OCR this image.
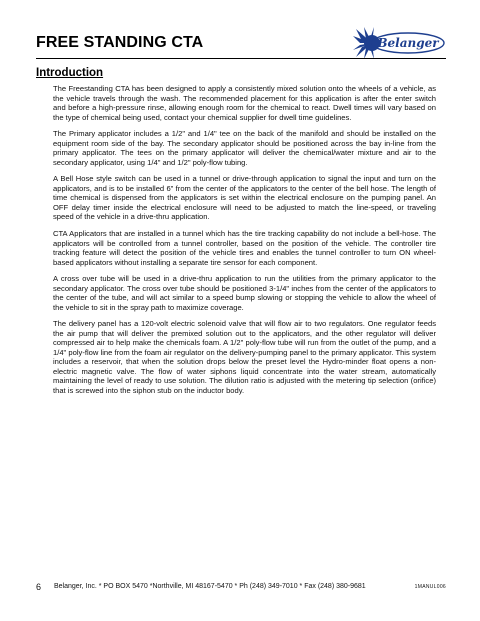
FREE STANDING CTA	Belanger
Introduction

The Freestanding CTA has been designed to apply a consistently mixed solution onto the wheels of a vehicle, as the vehicle travels through the wash. The recommended placement for this application is after the enter switch and before a high-pressure rinse, allowing enough room for the chemical to react. Dwell times will vary based on the type of chemical being used, contact your chemical supplier for dwell time guidelines.

The Primary applicator includes a 1/2" and 1/4" tee on the back of the manifold and should be installed on the equipment room side of the bay. The secondary applicator should be positioned across the bay in-line from the primary applicator. The tees on the primary applicator will deliver the chemical/water mixture and air to the secondary applicator, using 1/4" and 1/2" poly-flow tubing.

A Bell Hose style switch can be used in a tunnel or drive-through application to signal the input and turn on the applicators, and is to be installed 6" from the center of the applicators to the center of the bell hose. The length of time chemical is dispensed from the applicators is set within the electrical enclosure on the pumping panel. An OFF delay timer inside the electrical enclosure will need to be adjusted to match the line-speed, or traveling speed of the vehicle in a drive-thru application.

CTA Applicators that are installed in a tunnel which has the tire tracking capability do not include a bell-hose. The applicators will be controlled from a tunnel controller, based on the position of the vehicle. The controller tire tracking feature will detect the position of the vehicle tires and enables the tunnel controller to turn ON wheel-based applicators without installing a separate tire sensor for each component.

A cross over tube will be used in a drive-thru application to run the utilities from the primary applicator to the secondary applicator. The cross over tube should be positioned 3-1/4" inches from the center of the applicators to the center of the tube, and will act similar to a speed bump slowing or stopping the vehicle to allow the wheel of the vehicle to sit in the spray path to maximize coverage.

The delivery panel has a 120-volt electric solenoid valve that will flow air to two regulators. One regulator feeds the air pump that will deliver the premixed solution out to the applicators, and the other regulator will deliver compressed air to help make the chemicals foam. A 1/2" poly-flow tube will run from the outlet of the pump, and a 1/4" poly-flow line from the foam air regulator on the delivery-pumping panel to the primary applicator. This system includes a reservoir, that when the solution drops below the preset level the Hydro-minder float opens a non-electric magnetic valve. The flow of water siphons liquid concentrate into the water stream, automatically maintaining the level of ready to use solution. The dilution ratio is adjusted with the metering tip selection (orifice) that is screwed into the siphon stub on the inductor body.

6 Belanger, Inc. * PO BOX 5470 *Northville, MI 48167-5470 * Ph (248) 349-7010 * Fax (248) 380-9681	1MANUL006
